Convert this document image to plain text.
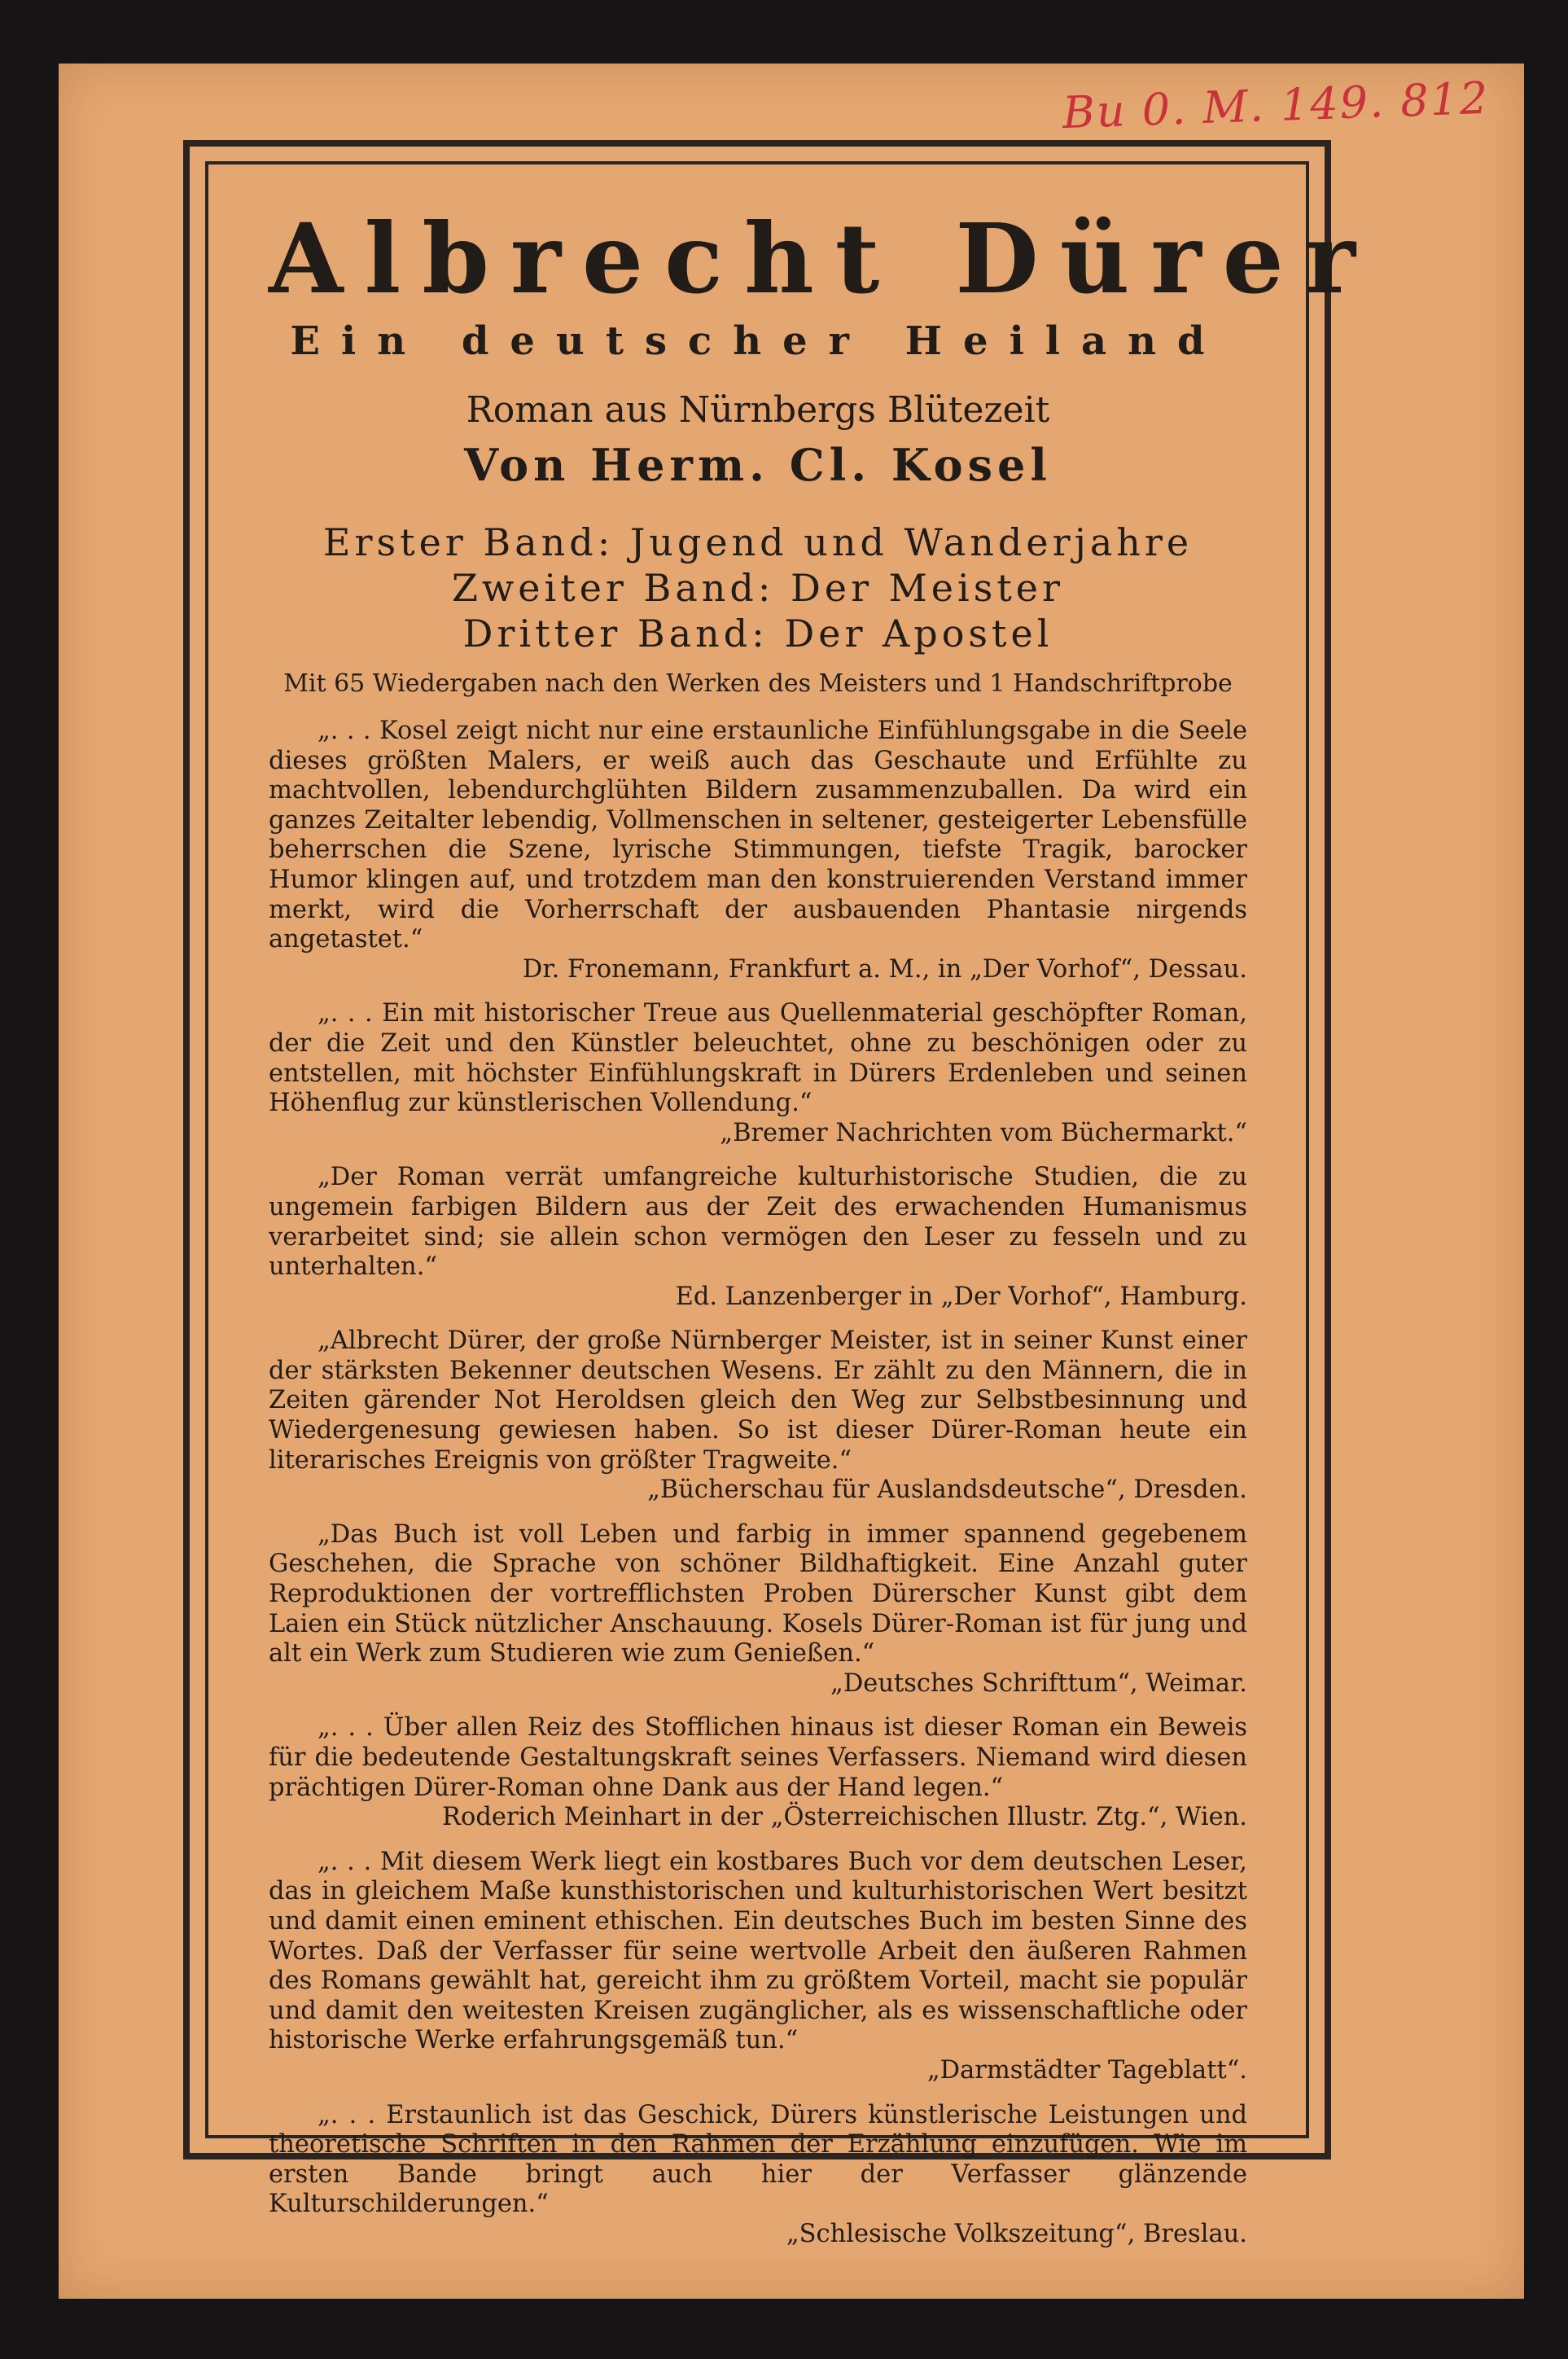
Bu 0. M. 149. 812
Albrecht Dürer
Ein deutscher Heiland
Roman aus Nürnbergs Blütezeit
Von Herm. Cl. Kosel
Erster Band: Jugend und Wanderjahre
Zweiter Band: Der Meister
Dritter Band: Der Apostel
Mit 65 Wiedergaben nach den Werken des Meisters und 1 Handschriftprobe
„. . . Kosel zeigt nicht nur eine erstaunliche Einfühlungsgabe in die Seele dieses größten Malers, er weiß auch das Geschaute und Erfühlte zu machtvollen, lebendurchglühten Bildern zusammenzuballen. Da wird ein ganzes Zeitalter lebendig, Vollmenschen in seltener, gesteigerter Lebensfülle beherrschen die Szene, lyrische Stimmungen, tiefste Tragik, barocker Humor klingen auf, und trotzdem man den konstruierenden Verstand immer merkt, wird die Vorherrschaft der ausbauenden Phantasie nirgends angetastet.“
Dr. Fronemann, Frankfurt a. M., in „Der Vorhof“, Dessau.
„. . . Ein mit historischer Treue aus Quellenmaterial geschöpfter Roman, der die Zeit und den Künstler beleuchtet, ohne zu beschönigen oder zu entstellen, mit höchster Einfühlungskraft in Dürers Erdenleben und seinen Höhenflug zur künstlerischen Vollendung.“
„Bremer Nachrichten vom Büchermarkt.“
„Der Roman verrät umfangreiche kulturhistorische Studien, die zu ungemein farbigen Bildern aus der Zeit des erwachenden Humanismus verarbeitet sind; sie allein schon vermögen den Leser zu fesseln und zu unterhalten.“
Ed. Lanzenberger in „Der Vorhof“, Hamburg.
„Albrecht Dürer, der große Nürnberger Meister, ist in seiner Kunst einer der stärksten Bekenner deutschen Wesens. Er zählt zu den Männern, die in Zeiten gärender Not Heroldsen gleich den Weg zur Selbstbesinnung und Wiedergenesung gewiesen haben. So ist dieser Dürer-Roman heute ein literarisches Ereignis von größter Tragweite.“
„Bücherschau für Auslandsdeutsche“, Dresden.
„Das Buch ist voll Leben und farbig in immer spannend gegebenem Geschehen, die Sprache von schöner Bildhaftigkeit. Eine Anzahl guter Reproduktionen der vortrefflichsten Proben Dürerscher Kunst gibt dem Laien ein Stück nützlicher Anschauung. Kosels Dürer-Roman ist für jung und alt ein Werk zum Studieren wie zum Genießen.“
„Deutsches Schrifttum“, Weimar.
„. . . Über allen Reiz des Stofflichen hinaus ist dieser Roman ein Beweis für die bedeutende Gestaltungskraft seines Verfassers. Niemand wird diesen prächtigen Dürer-Roman ohne Dank aus der Hand legen.“
Roderich Meinhart in der „Österreichischen Illustr. Ztg.“, Wien.
„. . . Mit diesem Werk liegt ein kostbares Buch vor dem deutschen Leser, das in gleichem Maße kunsthistorischen und kulturhistorischen Wert besitzt und damit einen eminent ethischen. Ein deutsches Buch im besten Sinne des Wortes. Daß der Verfasser für seine wertvolle Arbeit den äußeren Rahmen des Romans gewählt hat, gereicht ihm zu größtem Vorteil, macht sie populär und damit den weitesten Kreisen zugänglicher, als es wissenschaftliche oder historische Werke erfahrungsgemäß tun.“
„Darmstädter Tageblatt“.
„. . . Erstaunlich ist das Geschick, Dürers künstlerische Leistungen und theoretische Schriften in den Rahmen der Erzählung einzufügen. Wie im ersten Bande bringt auch hier der Verfasser glänzende Kulturschilderungen.“
„Schlesische Volkszeitung“, Breslau.
